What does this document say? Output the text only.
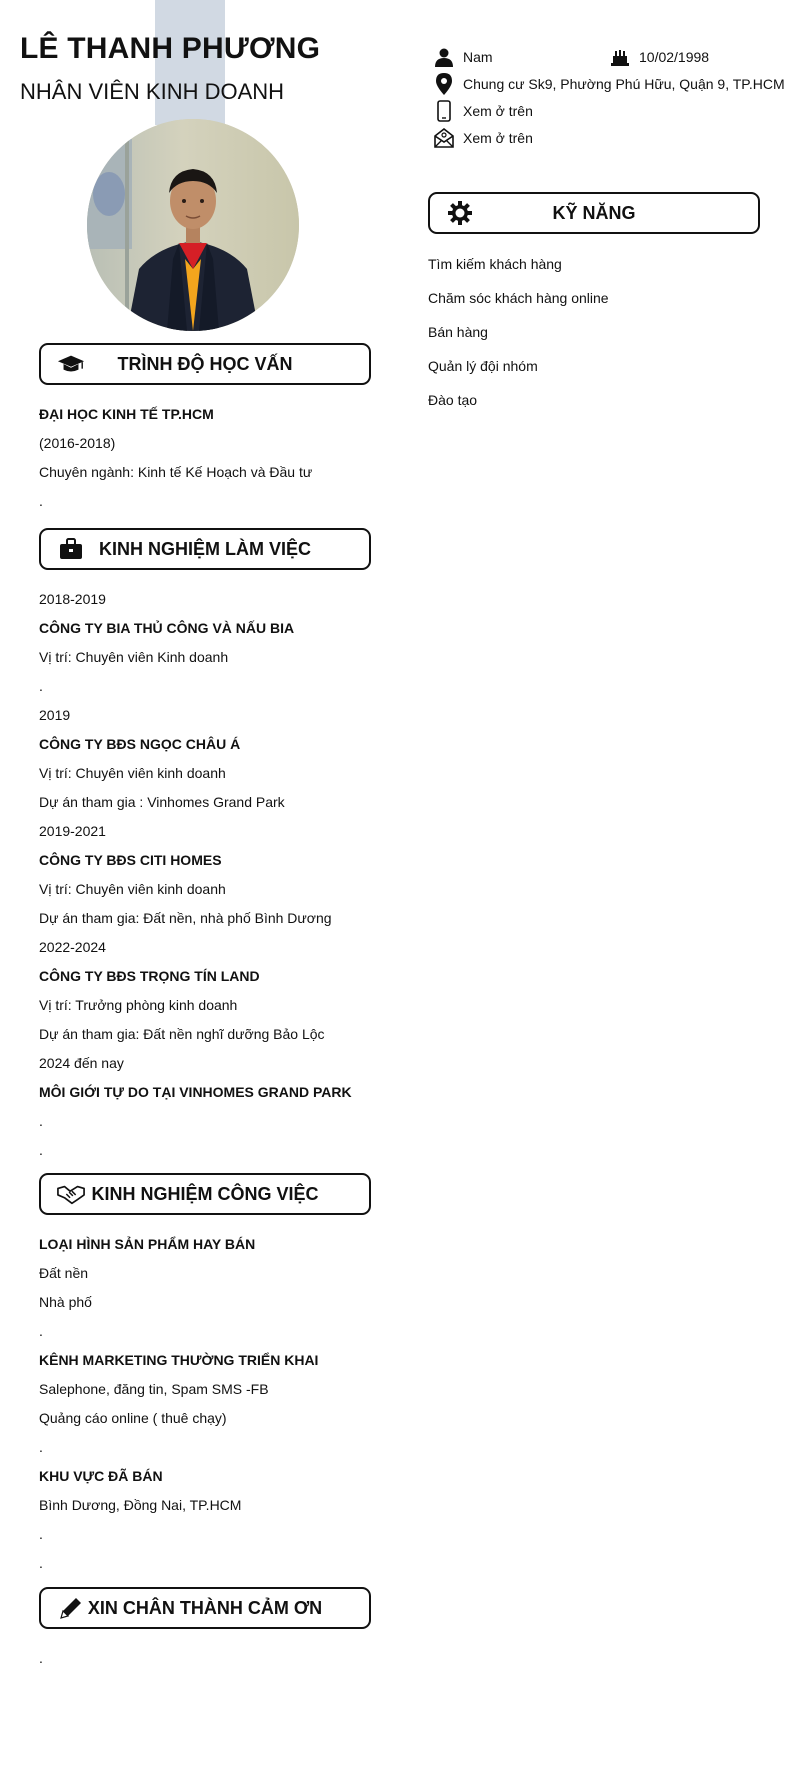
LÊ THANH PHƯƠNG
NHÂN VIÊN KINH DOANH
Nam	10/02/1998
Chung cư Sk9, Phường Phú Hữu, Quận 9, TP.HCM
Xem ở trên
Xem ở trên
KỸ NĂNG
Tìm kiếm khách hàng
Chăm sóc khách hàng online
Bán hàng
Quản lý đội nhóm
Đào tạo
TRÌNH ĐỘ HỌC VẤN
ĐẠI HỌC KINH TẾ TP.HCM
(2016-2018)
Chuyên ngành: Kinh tế Kế Hoạch và Đầu tư
.
KINH NGHIỆM LÀM VIỆC
2018-2019
CÔNG TY BIA THỦ CÔNG VÀ NẤU BIA
Vị trí: Chuyên viên Kinh doanh
.
2019
CÔNG TY BĐS NGỌC CHÂU Á
Vị trí: Chuyên viên kinh doanh
Dự án tham gia : Vinhomes Grand Park
2019-2021
CÔNG TY BĐS CITI HOMES
Vị trí: Chuyên viên kinh doanh
Dự án tham gia: Đất nền, nhà phố Bình Dương
2022-2024
CÔNG TY BĐS TRỌNG TÍN LAND
Vị trí: Trưởng phòng kinh doanh
Dự án tham gia: Đất nền nghĩ dưỡng Bảo Lộc
2024 đến nay
MÔI GIỚI TỰ DO TẠI VINHOMES GRAND PARK
.
.
KINH NGHIỆM CÔNG VIỆC
LOẠI HÌNH SẢN PHẨM HAY BÁN
Đất nền
Nhà phố
.
KÊNH MARKETING THƯỜNG TRIỂN KHAI
Salephone, đăng tin, Spam SMS -FB
Quảng cáo online ( thuê chạy)
.
KHU VỰC ĐÃ BÁN
Bình Dương, Đồng Nai, TP.HCM
.
.
XIN CHÂN THÀNH CẢM ƠN
.
